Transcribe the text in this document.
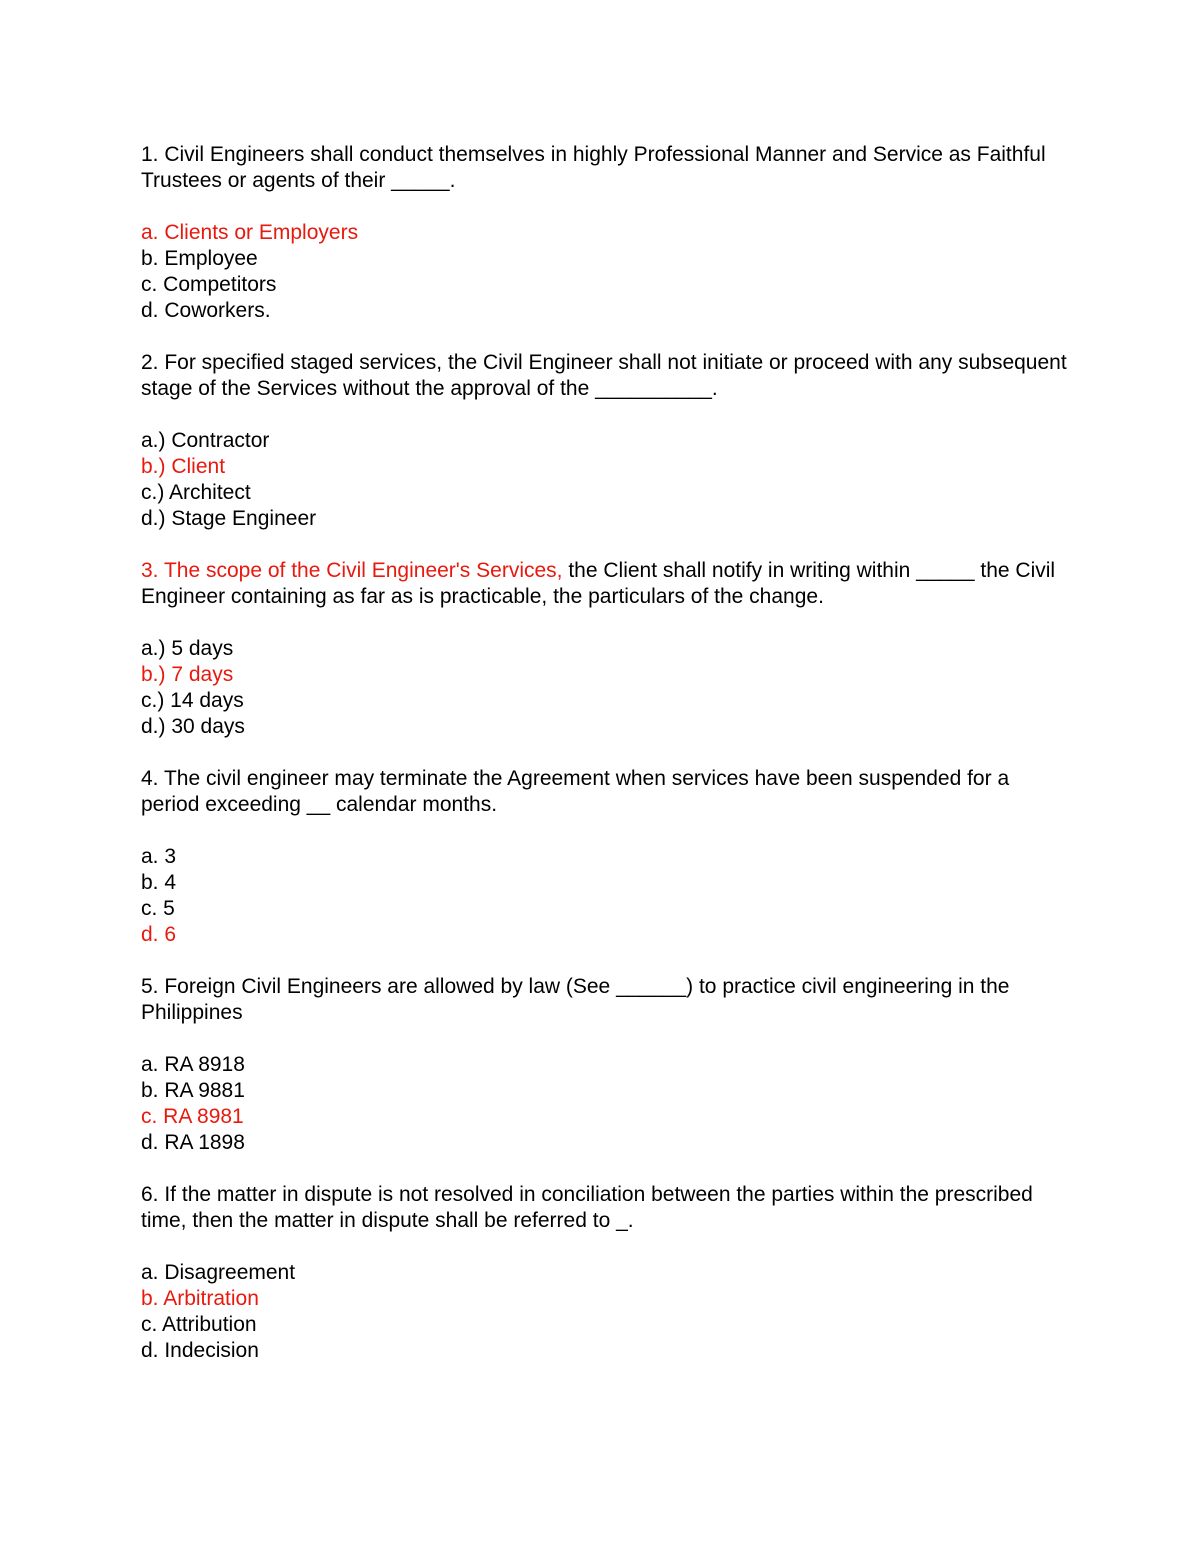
1. Civil Engineers shall conduct themselves in highly Professional Manner and Service as Faithful Trustees or agents of their _____.

a. Clients or Employers
b. Employee
c. Competitors
d. Coworkers.

2. For specified staged services, the Civil Engineer shall not initiate or proceed with any subsequent stage of the Services without the approval of the __________.

a.) Contractor
b.) Client
c.) Architect
d.) Stage Engineer

3. The scope of the Civil Engineer's Services, the Client shall notify in writing within _____ the Civil Engineer containing as far as is practicable, the particulars of the change.

a.) 5 days
b.) 7 days
c.) 14 days
d.) 30 days

4. The civil engineer may terminate the Agreement when services have been suspended for a period exceeding __ calendar months.

a. 3
b. 4
c. 5
d. 6

5. Foreign Civil Engineers are allowed by law (See ______) to practice civil engineering in the Philippines

a. RA 8918
b. RA 9881
c. RA 8981
d. RA 1898

6. If the matter in dispute is not resolved in conciliation between the parties within the prescribed time, then the matter in dispute shall be referred to _.

a. Disagreement
b. Arbitration
c. Attribution
d. Indecision
